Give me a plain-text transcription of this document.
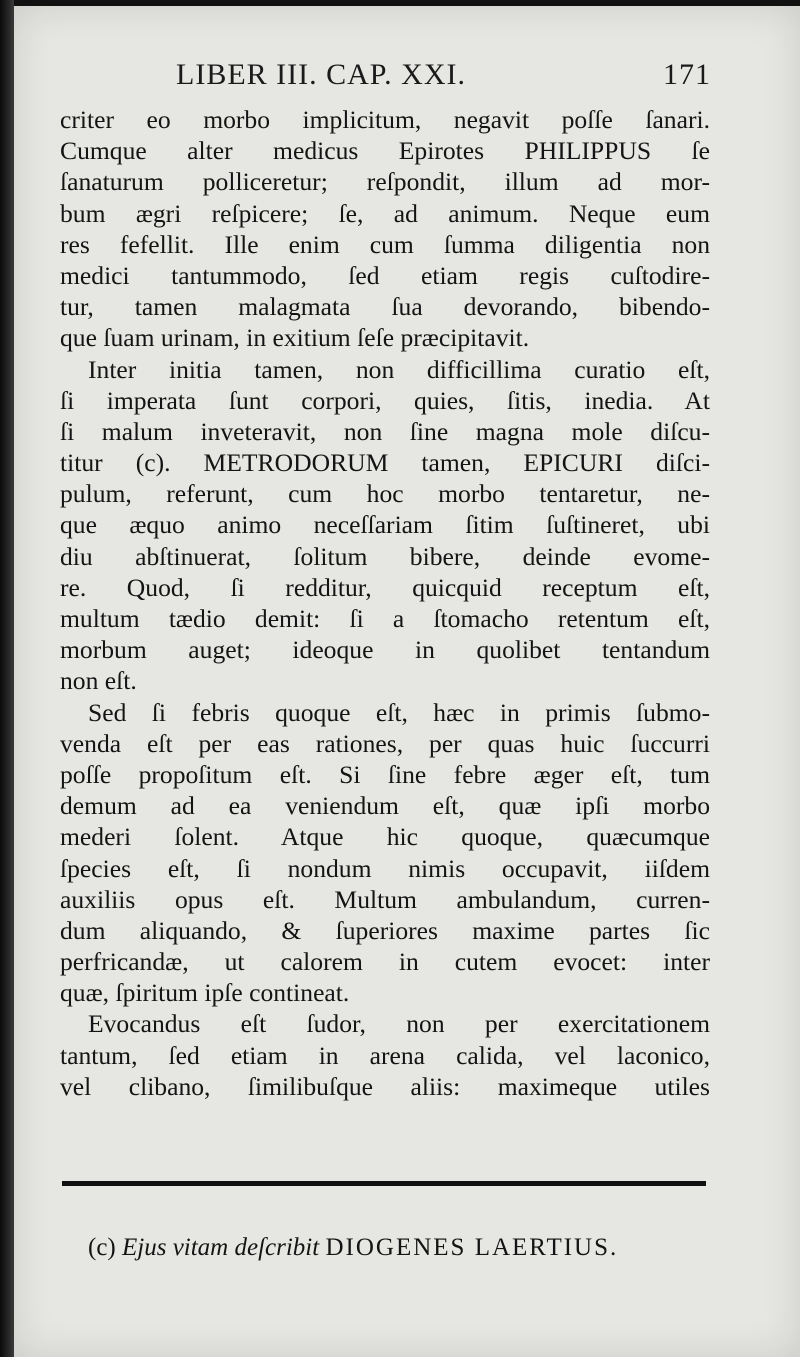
LIBER III. CAP. XXI.	171
criter eo morbo implicitum, negavit poſſe ſanari.
Cumque alter medicus Epirotes PHILIPPUS ſe
ſanaturum polliceretur; reſpondit, illum ad mor-
bum ægri reſpicere; ſe, ad animum. Neque eum
res fefellit. Ille enim cum ſumma diligentia non
medici tantummodo, ſed etiam regis cuſtodire-
tur, tamen malagmata ſua devorando, bibendo-
que ſuam urinam, in exitium ſeſe præcipitavit.
Inter initia tamen, non difficillima curatio eſt,
ſi imperata ſunt corpori, quies, ſitis, inedia. At
ſi malum inveteravit, non ſine magna mole diſcu-
titur (c). METRODORUM tamen, EPICURI diſci-
pulum, referunt, cum hoc morbo tentaretur, ne-
que æquo animo neceſſariam ſitim ſuſtineret, ubi
diu abſtinuerat, ſolitum bibere, deinde evome-
re. Quod, ſi redditur, quicquid receptum eſt,
multum tædio demit: ſi a ſtomacho retentum eſt,
morbum auget; ideoque in quolibet tentandum
non eſt.
Sed ſi febris quoque eſt, hæc in primis ſubmo-
venda eſt per eas rationes, per quas huic ſuccurri
poſſe propoſitum eſt. Si ſine febre æger eſt, tum
demum ad ea veniendum eſt, quæ ipſi morbo
mederi ſolent. Atque hic quoque, quæcumque
ſpecies eſt, ſi nondum nimis occupavit, iiſdem
auxiliis opus eſt. Multum ambulandum, curren-
dum aliquando, & ſuperiores maxime partes ſic
perfricandæ, ut calorem in cutem evocet: inter
quæ, ſpiritum ipſe contineat.
Evocandus eſt ſudor, non per exercitationem
tantum, ſed etiam in arena calida, vel laconico,
vel clibano, ſimilibuſque aliis: maximeque utiles
(c) Ejus vitam deſcribit DIOGENES LAERTIUS.
